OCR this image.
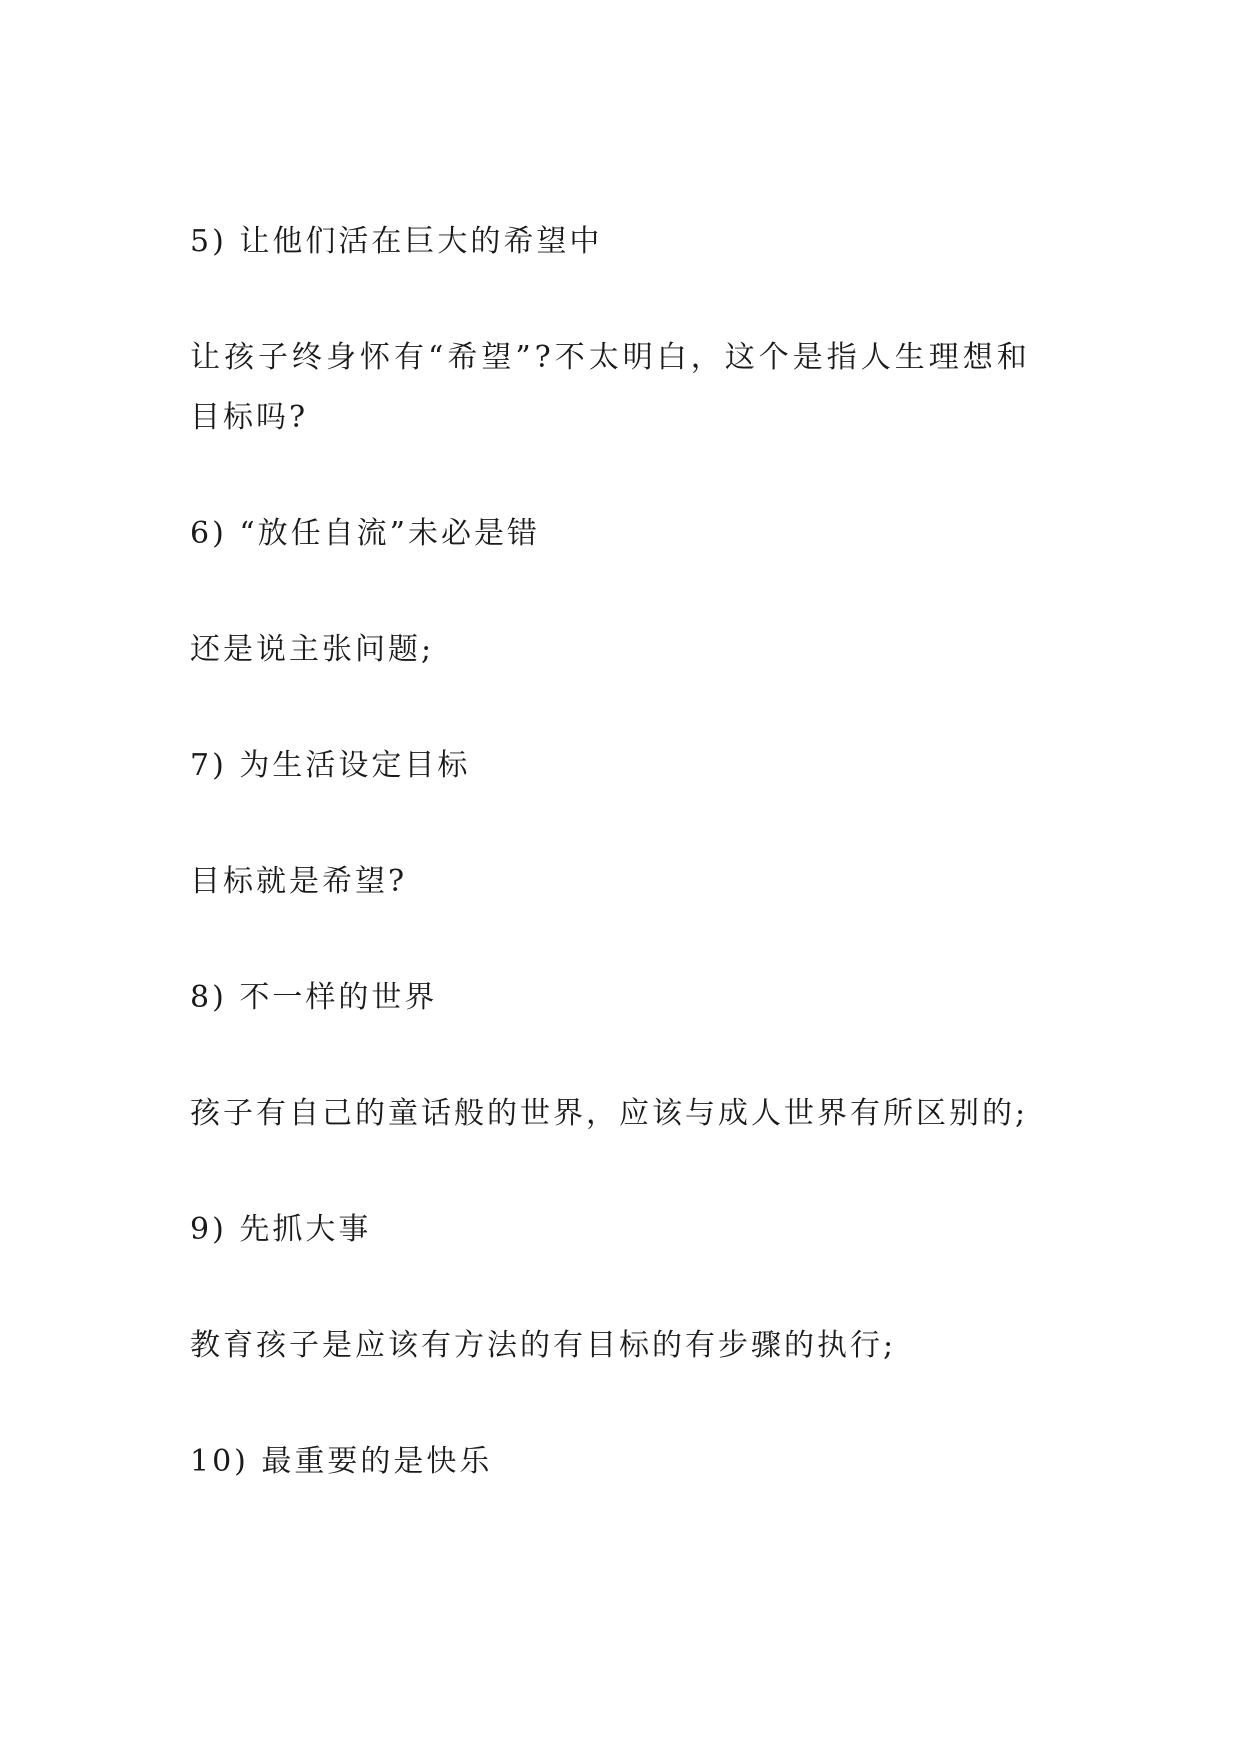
5) 让他们活在巨大的希望中
让孩子终身怀有“希望”?不太明白，这个是指人生理想和
目标吗?
6) “放任自流”未必是错
还是说主张问题;
7) 为生活设定目标
目标就是希望?
8) 不一样的世界
孩子有自己的童话般的世界，应该与成人世界有所区别的;
9) 先抓大事
教育孩子是应该有方法的有目标的有步骤的执行;
10) 最重要的是快乐
